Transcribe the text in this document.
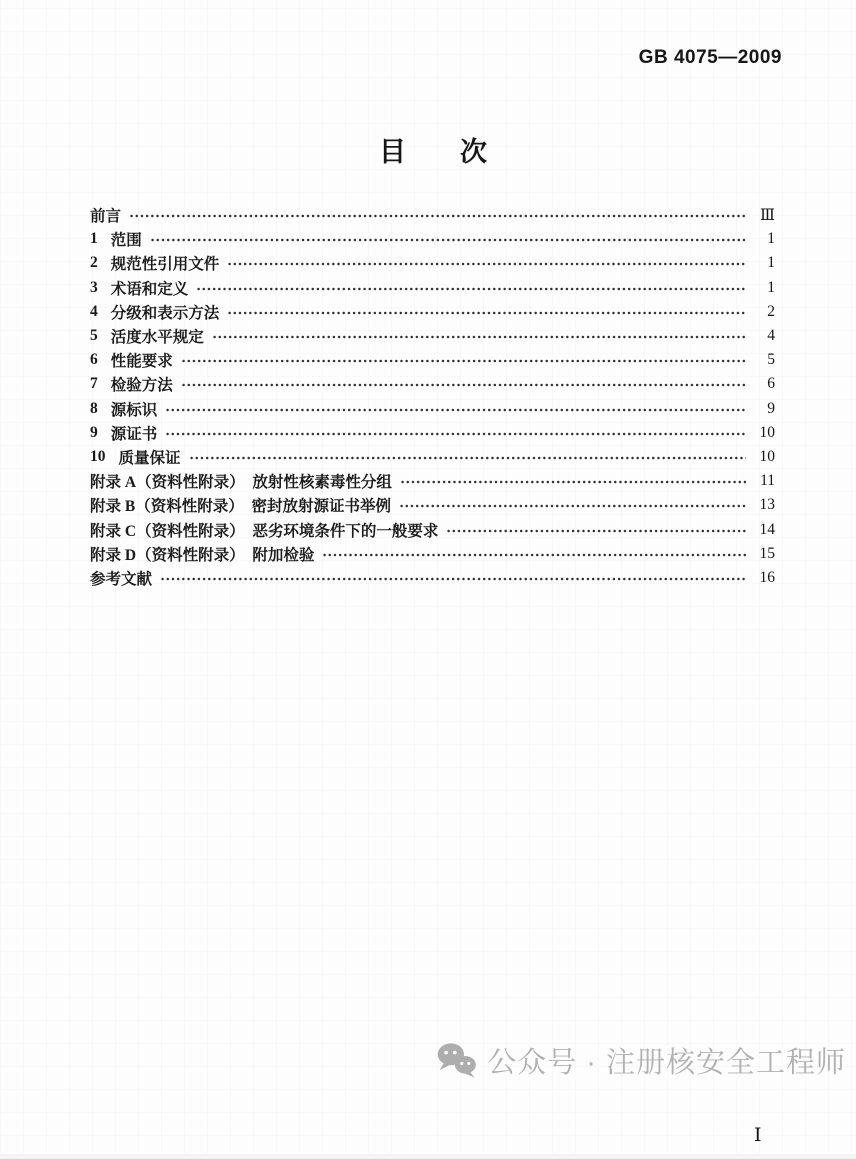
GB 4075—2009
目　　次
前言	Ⅲ
1 范围	1
2 规范性引用文件	1
3 术语和定义	1
4 分级和表示方法	2
5 活度水平规定	4
6 性能要求	5
7 检验方法	6
8 源标识	9
9 源证书	10
10 质量保证	10
附录 A（资料性附录）　放射性核素毒性分组	11
附录 B（资料性附录）　密封放射源证书举例	13
附录 C（资料性附录）　恶劣环境条件下的一般要求	14
附录 D（资料性附录）　附加检验	15
参考文献	16

公众号 · 注册核安全工程师
Ⅰ
